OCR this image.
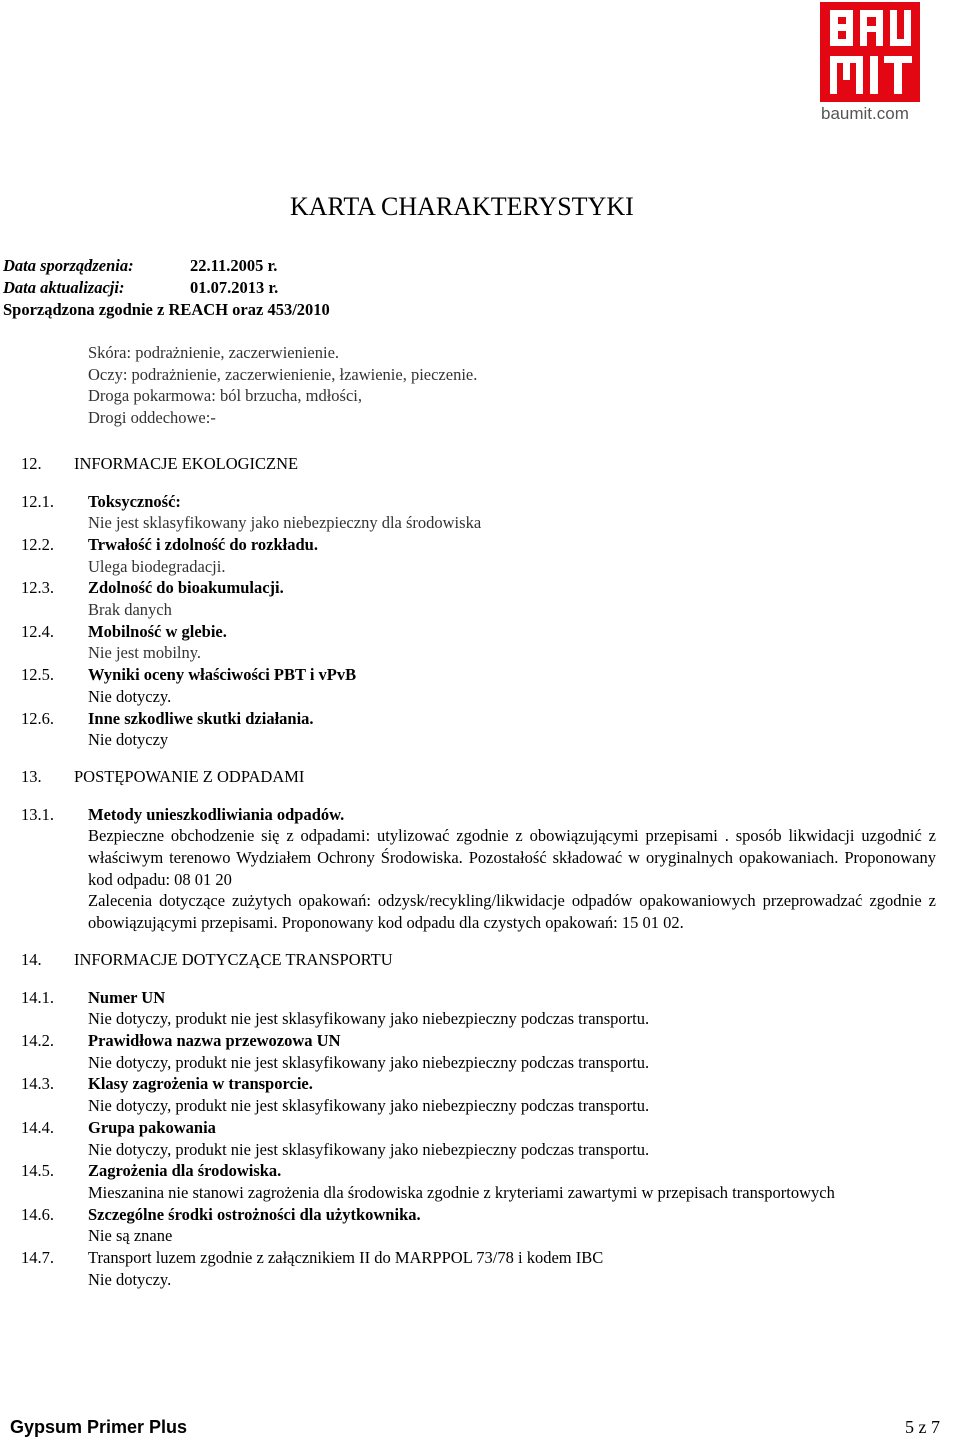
baumit.com
KARTA CHARAKTERYSTYKI
Data sporządzenia:	22.11.2005 r.
Data aktualizacji:	01.07.2013 r.
Sporządzona zgodnie z REACH oraz 453/2010
Skóra: podrażnienie, zaczerwienienie.
Oczy: podrażnienie, zaczerwienienie, łzawienie, pieczenie.
Droga pokarmowa: ból brzucha, mdłości,
Drogi oddechowe:-
12.	INFORMACJE EKOLOGICZNE
12.1.	Toksyczność:
Nie jest sklasyfikowany jako niebezpieczny dla środowiska
12.2.	Trwałość i zdolność do rozkładu.
Ulega biodegradacji.
12.3.	Zdolność do bioakumulacji.
Brak danych
12.4.	Mobilność w glebie.
Nie jest mobilny.
12.5.	Wyniki oceny właściwości PBT i vPvB
Nie dotyczy.
12.6.	Inne szkodliwe skutki działania.
Nie dotyczy
13.	POSTĘPOWANIE Z ODPADAMI
13.1.	Metody unieszkodliwiania odpadów.
Bezpieczne obchodzenie się z odpadami: utylizować zgodnie z obowiązującymi przepisami . sposób likwidacji uzgodnić z właściwym terenowo Wydziałem Ochrony Środowiska. Pozostałość składować w oryginalnych opakowaniach. Proponowany kod odpadu: 08 01 20
Zalecenia dotyczące zużytych opakowań: odzysk/recykling/likwidacje odpadów opakowaniowych przeprowadzać zgodnie z obowiązującymi przepisami. Proponowany kod odpadu dla czystych opakowań: 15 01 02.
14.	INFORMACJE DOTYCZĄCE TRANSPORTU
14.1.	Numer UN
Nie dotyczy, produkt nie jest sklasyfikowany jako niebezpieczny podczas transportu.
14.2.	Prawidłowa nazwa przewozowa UN
Nie dotyczy, produkt nie jest sklasyfikowany jako niebezpieczny podczas transportu.
14.3.	Klasy zagrożenia w transporcie.
Nie dotyczy, produkt nie jest sklasyfikowany jako niebezpieczny podczas transportu.
14.4.	Grupa pakowania
Nie dotyczy, produkt nie jest sklasyfikowany jako niebezpieczny podczas transportu.
14.5.	Zagrożenia dla środowiska.
Mieszanina nie stanowi zagrożenia dla środowiska zgodnie z kryteriami zawartymi w przepisach transportowych
14.6.	Szczególne środki ostrożności dla użytkownika.
Nie są znane
14.7.	Transport luzem zgodnie z załącznikiem II do MARPPOL 73/78 i kodem IBC
Nie dotyczy.
Gypsum Primer Plus	5 z 7
